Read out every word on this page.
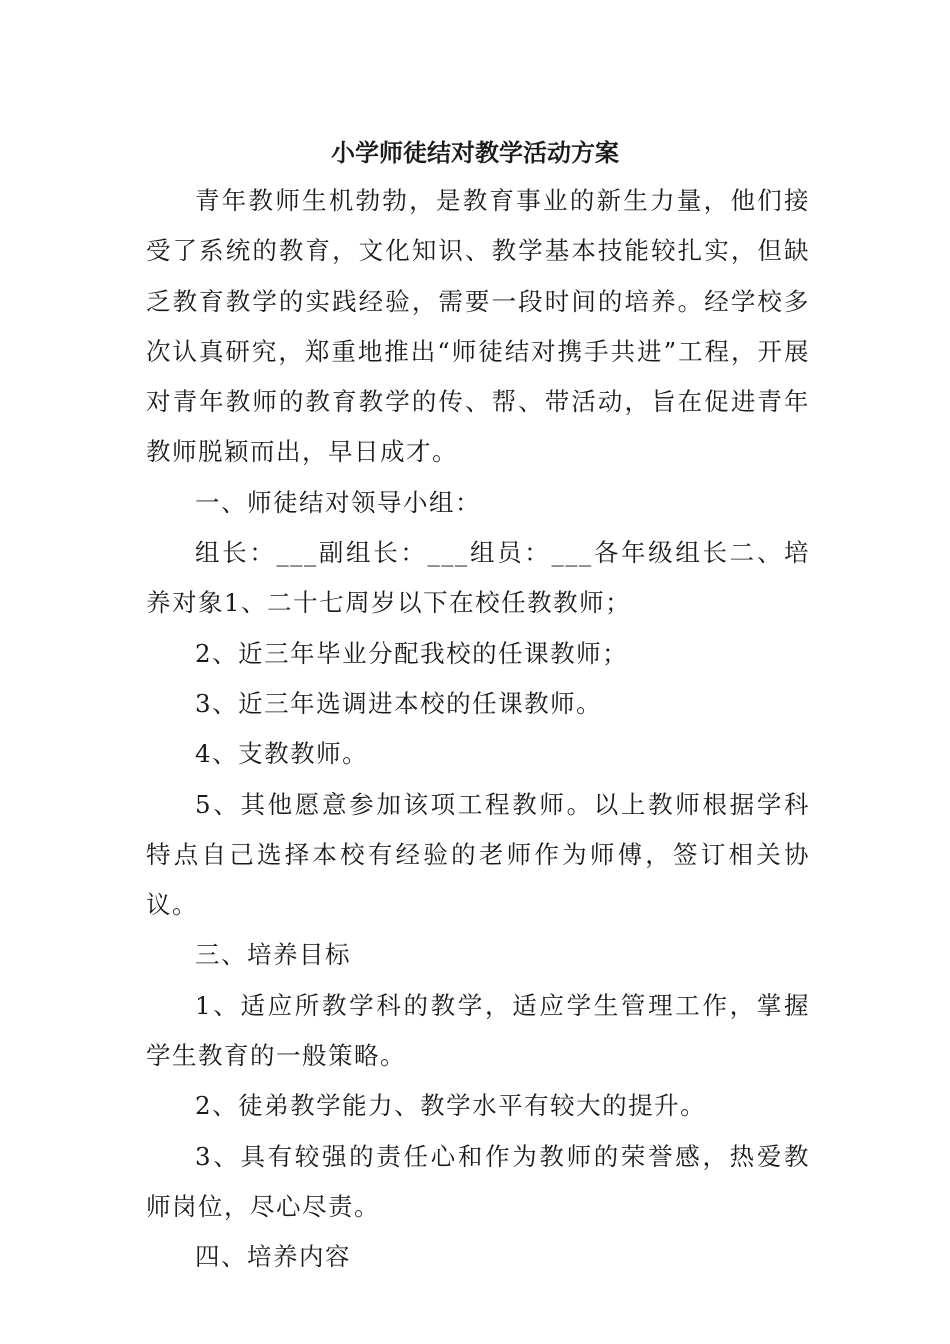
小学师徒结对教学活动方案

青年教师生机勃勃，是教育事业的新生力量，他们接受了系统的教育，文化知识、教学基本技能较扎实，但缺乏教育教学的实践经验，需要一段时间的培养。经学校多次认真研究，郑重地推出“师徒结对携手共进”工程，开展对青年教师的教育教学的传、帮、带活动，旨在促进青年教师脱颖而出，早日成才。

一、师徒结对领导小组：

组长：___副组长：___组员：___各年级组长二、培养对象1、二十七周岁以下在校任教教师；

2、近三年毕业分配我校的任课教师；

3、近三年选调进本校的任课教师。

4、支教教师。

5、其他愿意参加该项工程教师。以上教师根据学科特点自己选择本校有经验的老师作为师傅，签订相关协议。

三、培养目标

1、适应所教学科的教学，适应学生管理工作，掌握学生教育的一般策略。

2、徒弟教学能力、教学水平有较大的提升。

3、具有较强的责任心和作为教师的荣誉感，热爱教师岗位，尽心尽责。

四、培养内容
